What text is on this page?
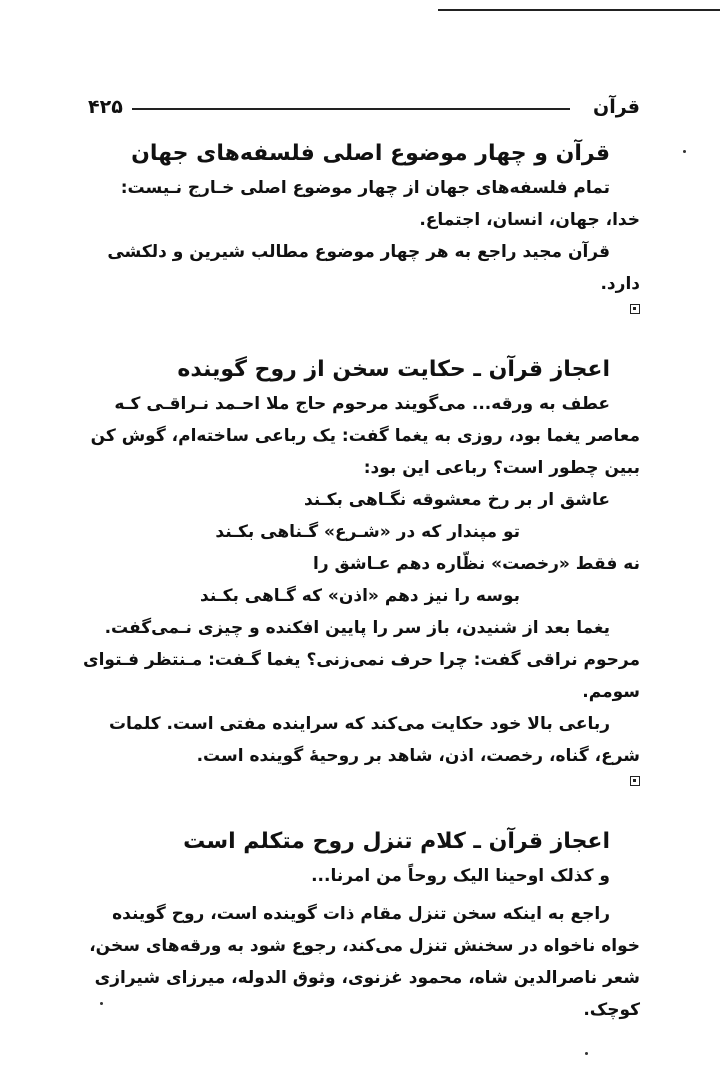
۴۲۵	قرآن
قرآن و چهار موضوع اصلی فلسفه‌های جهان
تمام فلسفه‌های جهان از چهار موضوع اصلی خـارج نـیست:
خدا، جهان، انسان، اجتماع.
قرآن مجید راجع به هر چهار موضوع مطالب شیرین و دلکشی
دارد.
اعجاز قرآن ـ حکایت سخن از روح گوینده
عطف به ورقه... می‌گویند مرحوم حاج ملا احـمد نـراقـی کـه
معاصر یغما بود، روزی به یغما گفت: یک رباعی ساخته‌ام، گوش کن
ببین چطور است؟ رباعی این بود:
عاشق ار بر رخ معشوقه نگـاهی بکـند
تو مپندار که در «شـرع» گـناهی بکـند
نه فقط «رخصت» نظّاره دهم عـاشق را
بوسه را نیز دهم «اذن» که گـاهی بکـند
یغما بعد از شنیدن، باز سر را پایین افکنده و چیزی نـمی‌گفت.
مرحوم نراقی گفت: چرا حرف نمی‌زنی؟ یغما گـفت: مـنتظر فـتوای
سومم.
رباعی بالا خود حکایت می‌کند که سراینده مفتی است. کلمات
شرع، گناه، رخصت، اذن، شاهد بر روحیهٔ گوینده است.
اعجاز قرآن ـ کلام تنزل روح متکلم است
و کذلک اوحینا الیک روحاً من امرنا...
راجع به اینکه سخن تنزل مقام ذات گوینده است، روح گوینده
خواه ناخواه در سخنش تنزل می‌کند، رجوع شود به ورقه‌های سخن،
شعر ناصرالدین شاه، محمود غزنوی، وثوق الدوله، میرزای شیرازی
کوچک.
